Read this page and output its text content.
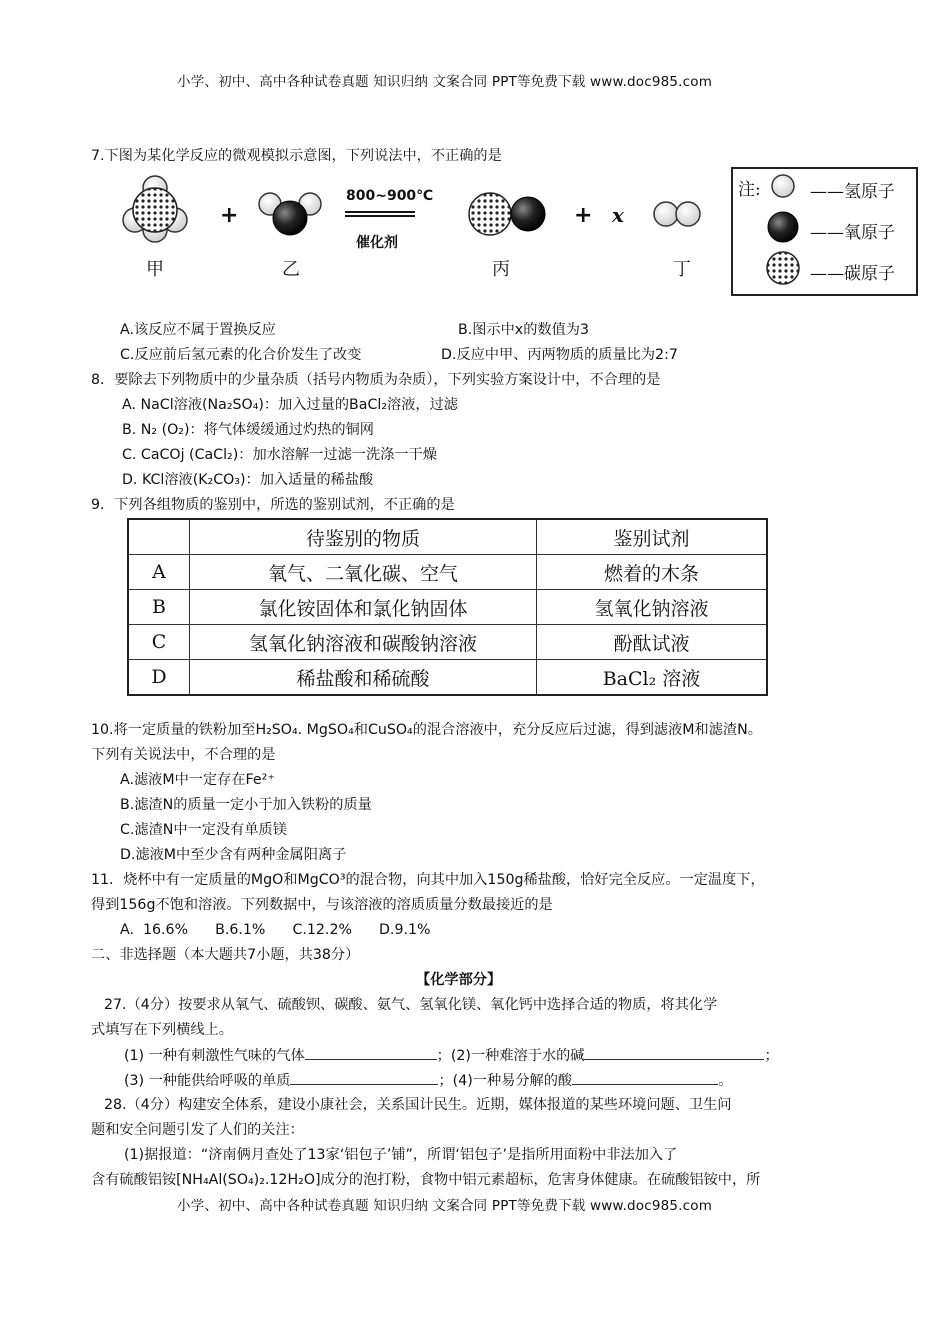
小学、初中、高中各种试卷真题 知识归纳 文案合同 PPT等免费下载 www.doc985.com
7.下图为某化学反应的微观模拟示意图，下列说法中，不正确的是
+	+ x
800~900℃
催化剂
甲	乙	丙	丁
注:	——氢原子
——氧原子
——碳原子
A.该反应不属于置换反应	B.图示中x的数值为3
C.反应前后氢元素的化合价发生了改变	D.反应中甲、丙两物质的质量比为2:7
8．要除去下列物质中的少量杂质（括号内物质为杂质），下列实验方案设计中，不合理的是
A. NaCl溶液(Na₂SO₄)：加入过量的BaCl₂溶液，过滤
B. N₂ (O₂)：将气体缓缓通过灼热的铜网
C. CaCOj (CaCl₂)：加水溶解一过滤一洗涤一干燥
D. KCl溶液(K₂CO₃)：加入适量的稀盐酸
9．下列各组物质的鉴别中，所选的鉴别试剂，不正确的是
	待鉴别的物质	鉴别试剂
A	氧气、二氧化碳、空气	燃着的木条
B	氯化铵固体和氯化钠固体	氢氧化钠溶液
C	氢氧化钠溶液和碳酸钠溶液	酚酞试液
D	稀盐酸和稀硫酸	BaCl₂ 溶液
10.将一定质量的铁粉加至H₂SO₄. MgSO₄和CuSO₄的混合溶液中，充分反应后过滤，得到滤液M和滤渣N。
下列有关说法中，不合理的是
A.滤液M中一定存在Fe²⁺
B.滤渣N的质量一定小于加入铁粉的质量
C.滤渣N中一定没有单质镁
D.滤液M中至少含有两种金属阳离子
11．烧杯中有一定质量的MgO和MgCO³的混合物，向其中加入150g稀盐酸，恰好完全反应。一定温度下，
得到156g不饱和溶液。下列数据中，与该溶液的溶质质量分数最接近的是
A.  16.6%      B.6.1%      C.12.2%      D.9.1%
二、非选择题（本大题共7小题，共38分）
【化学部分】
27.（4分）按要求从氧气、硫酸钡、碳酸、氨气、氢氧化镁、氧化钙中选择合适的物质，将其化学
式填写在下列横线上。
(1) 一种有刺激性气味的气体	；(2)一种难溶于水的碱	；
(3) 一种能供给呼吸的单质	；(4)一种易分解的酸	。
28.（4分）构建安全体系，建设小康社会，关系国计民生。近期，媒体报道的某些环境问题、卫生问
题和安全问题引发了人们的关注：
(1)据报道：“济南俩月查处了13家‘铝包子’铺”，所谓‘铝包子’是指所用面粉中非法加入了
含有硫酸铝铵[NH₄Al(SO₄)₂.12H₂O]成分的泡打粉，食物中铝元素超标，危害身体健康。在硫酸铝铵中，所
小学、初中、高中各种试卷真题 知识归纳 文案合同 PPT等免费下载 www.doc985.com
